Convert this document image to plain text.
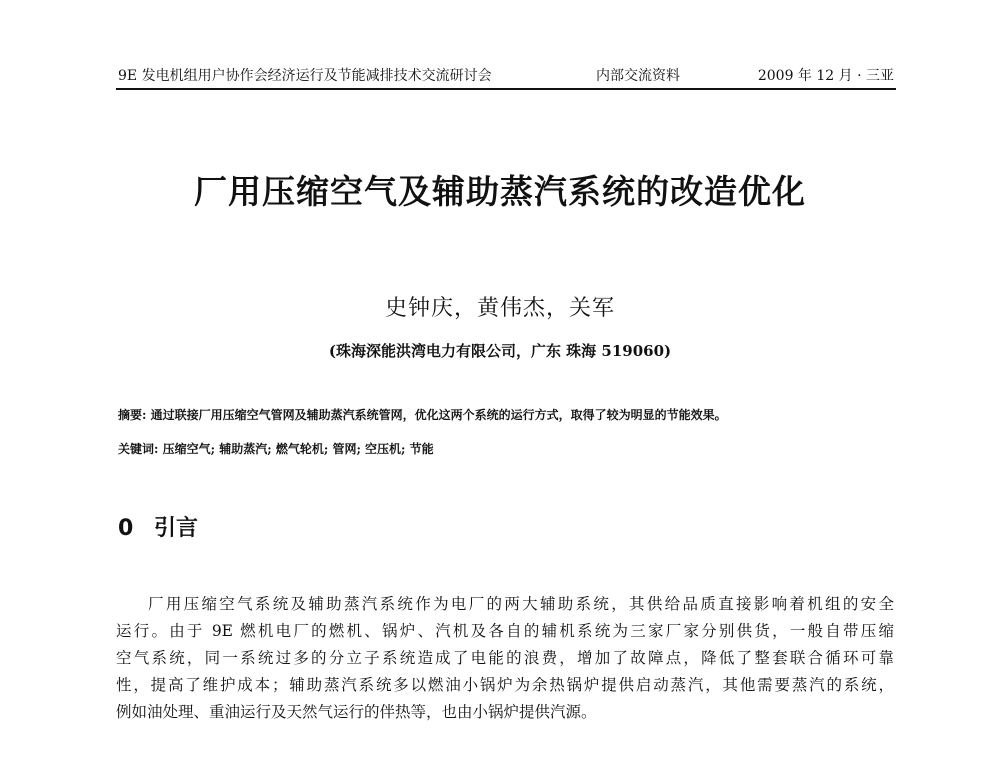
9E 发电机组用户协作会经济运行及节能减排技术交流研讨会	内部交流资料	2009 年 12 月 · 三亚
厂用压缩空气及辅助蒸汽系统的改造优化
史钟庆，黄伟杰，关军
(珠海深能洪湾电力有限公司，广东 珠海 519060)
摘要: 通过联接厂用压缩空气管网及辅助蒸汽系统管网，优化这两个系统的运行方式，取得了较为明显的节能效果。
关键词: 压缩空气; 辅助蒸汽; 燃气轮机; 管网; 空压机; 节能
0 引言

厂用压缩空气系统及辅助蒸汽系统作为电厂的两大辅助系统，其供给品质直接影响着机组的安全
运行。由于 9E 燃机电厂的燃机、锅炉、汽机及各自的辅机系统为三家厂家分别供货，一般自带压缩
空气系统，同一系统过多的分立子系统造成了电能的浪费，增加了故障点，降低了整套联合循环可靠
性，提高了维护成本；辅助蒸汽系统多以燃油小锅炉为余热锅炉提供启动蒸汽，其他需要蒸汽的系统，
例如油处理、重油运行及天然气运行的伴热等，也由小锅炉提供汽源。
